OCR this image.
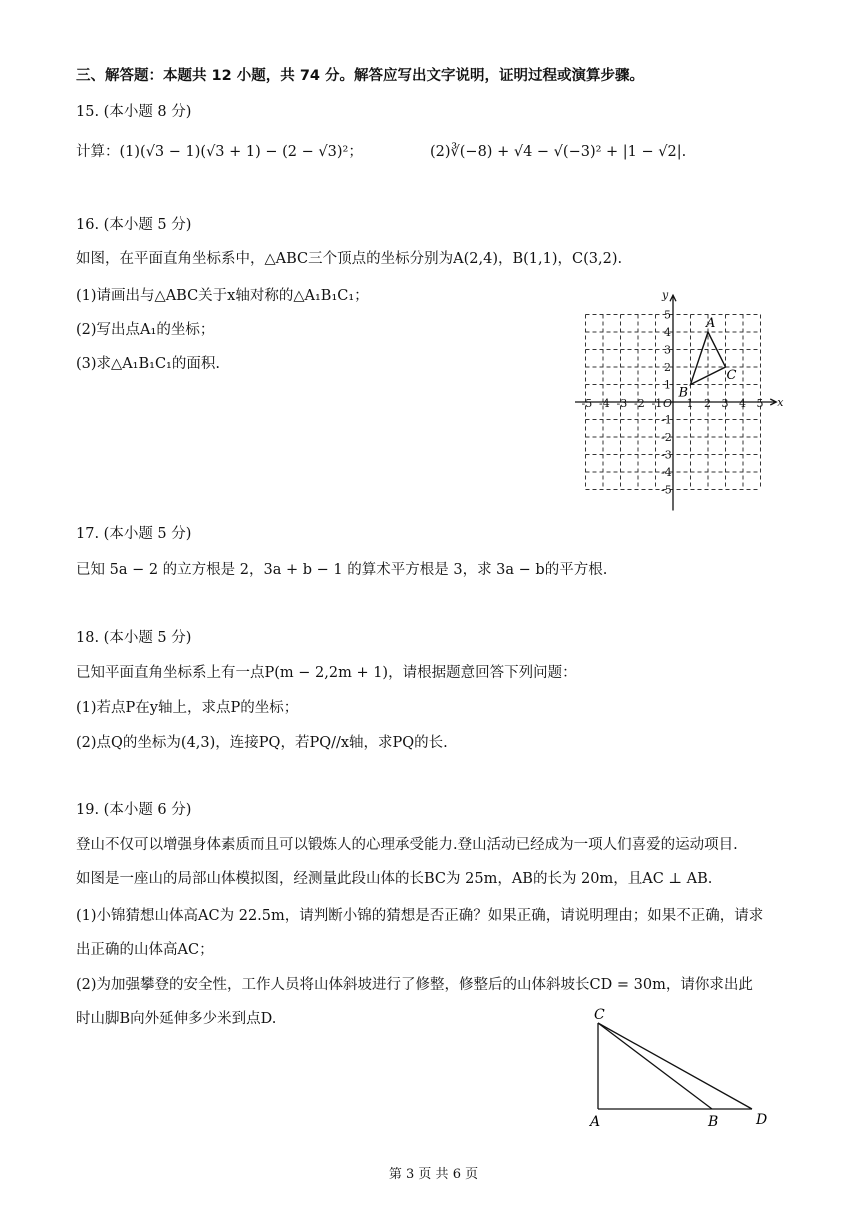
三、解答题：本题共 12 小题，共 74 分。解答应写出文字说明，证明过程或演算步骤。
15. (本小题 8 分)
计算：(1)(√3 − 1)(√3 + 1) − (2 − √3)²；	(2)∛(−8) + √4 − √(−3)² + |1 − √2|.
16. (本小题 5 分)
如图，在平面直角坐标系中，△ABC三个顶点的坐标分别为A(2,4)，B(1,1)，C(3,2).
(1)请画出与△ABC关于x轴对称的△A₁B₁C₁；
(2)写出点A₁的坐标；
(3)求△A₁B₁C₁的面积.
-5 -4 -3 -2 -1 1 2 3 4 5
5
4
3
2
1
-1
-2
-3
-4
-5
O	x
y
A
B
C
17. (本小题 5 分)
已知 5a − 2 的立方根是 2，3a + b − 1 的算术平方根是 3，求 3a − b的平方根.
18. (本小题 5 分)
已知平面直角坐标系上有一点P(m − 2,2m + 1)，请根据题意回答下列问题：
(1)若点P在y轴上，求点P的坐标；
(2)点Q的坐标为(4,3)，连接PQ，若PQ//x轴，求PQ的长.
19. (本小题 6 分)
登山不仅可以增强身体素质而且可以锻炼人的心理承受能力.登山活动已经成为一项人们喜爱的运动项目.
如图是一座山的局部山体模拟图，经测量此段山体的长BC为 25m，AB的长为 20m，且AC ⊥ AB.
(1)小锦猜想山体高AC为 22.5m，请判断小锦的猜想是否正确？如果正确，请说明理由；如果不正确，请求
出正确的山体高AC；
(2)为加强攀登的安全性，工作人员将山体斜坡进行了修整，修整后的山体斜坡长CD = 30m，请你求出此
时山脚B向外延伸多少米到点D.	C
A	B	D
第 3 页 共 6 页
